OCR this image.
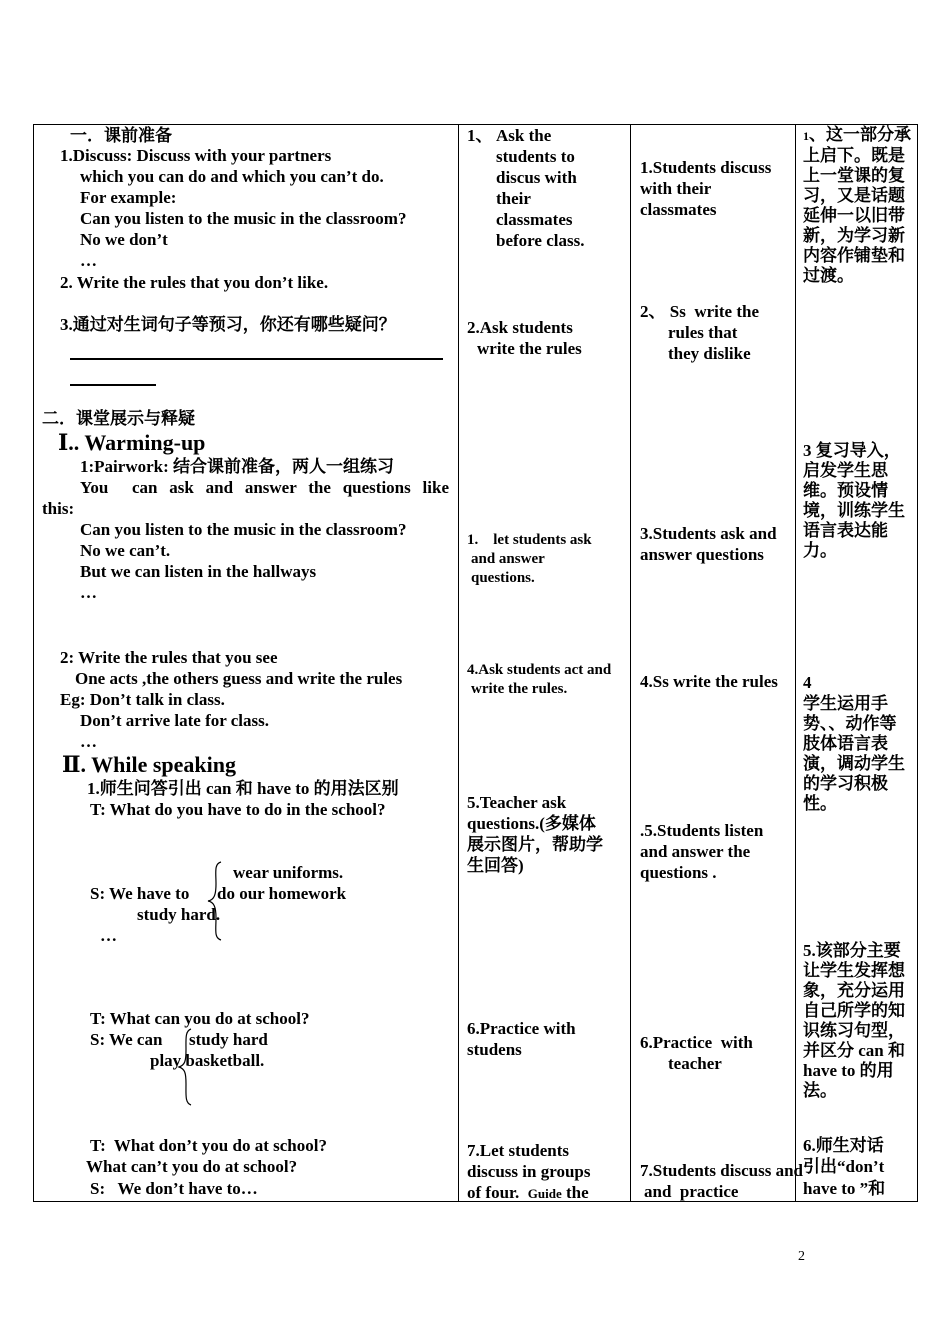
一．课前准备
1.Discuss: Discuss with your partners
which you can do and which you can’t do.
For example:
Can you listen to the music in the classroom?
No we don’t
…
2. Write the rules that you don’t like.
3.通过对生词句子等预习，你还有哪些疑问？
二．课堂展示与释疑
Ⅰ.. Warming-up
1:Pairwork: 结合课前准备，两人一组练习
You  can ask and answer the questions like
this:
Can you listen to the music in the classroom?
No we can’t.
But we can listen in the hallways
…
2: Write the rules that you see
One acts ,the others guess and write the rules
Eg: Don’t talk in class.
Don’t arrive late for class.
…
Ⅱ. While speaking
1.师生问答引出 can 和 have to 的用法区别
T: What do you have to do in the school?
wear uniforms.
S: We have to do our homework
study hard.
…
T: What can you do at school?
S: We can study hard
play basketball.
T:  What don’t you do at school?
What can’t you do at school?
S:   We don’t have to…
1、 Ask the
students to
discus with
their
classmates
before class.
2.Ask students
write the rules
1.    let students ask
and answer
questions.
4.Ask students act and
write the rules.
5.Teacher ask
questions.(多媒体
展示图片，帮助学
生回答)
6.Practice with
studens
7.Let students
discuss in groups
of four.  Guide the
1.Students discuss
with their
classmates
2、 Ss  write the
rules that
they dislike
3.Students ask and
answer questions
4.Ss write the rules
.5.Students listen
and answer the
questions .
6.Practice  with
teacher
7.Students discuss and
and  practice
1、这一部分承上启下。既是上一堂课的复习，又是话题延伸一以旧带新，为学习新内容作铺垫和过渡。
3 复习导入，启发学生思维。预设情境，训练学生语言表达能力。
4
学生运用手势、、动作等肢体语言表演，调动学生的学习积极性。
5.该部分主要让学生发挥想象，充分运用自己所学的知识练习句型，并区分 can 和 have to 的用法。
6.师生对话
引出“don’t
have to ”和
2
